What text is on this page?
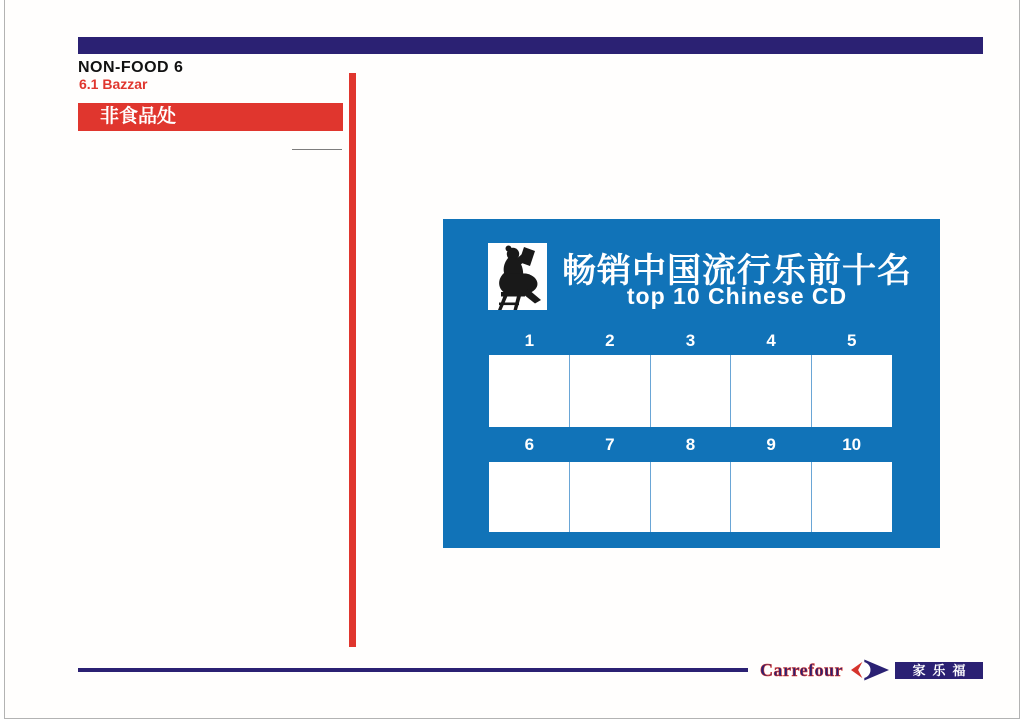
NON-FOOD 6
6.1 Bazzar
非食品处
畅销中国流行乐前十名
top 10 Chinese CD
1	2	3	4	5
6	7	8	9	10
Carrefour	家乐福
